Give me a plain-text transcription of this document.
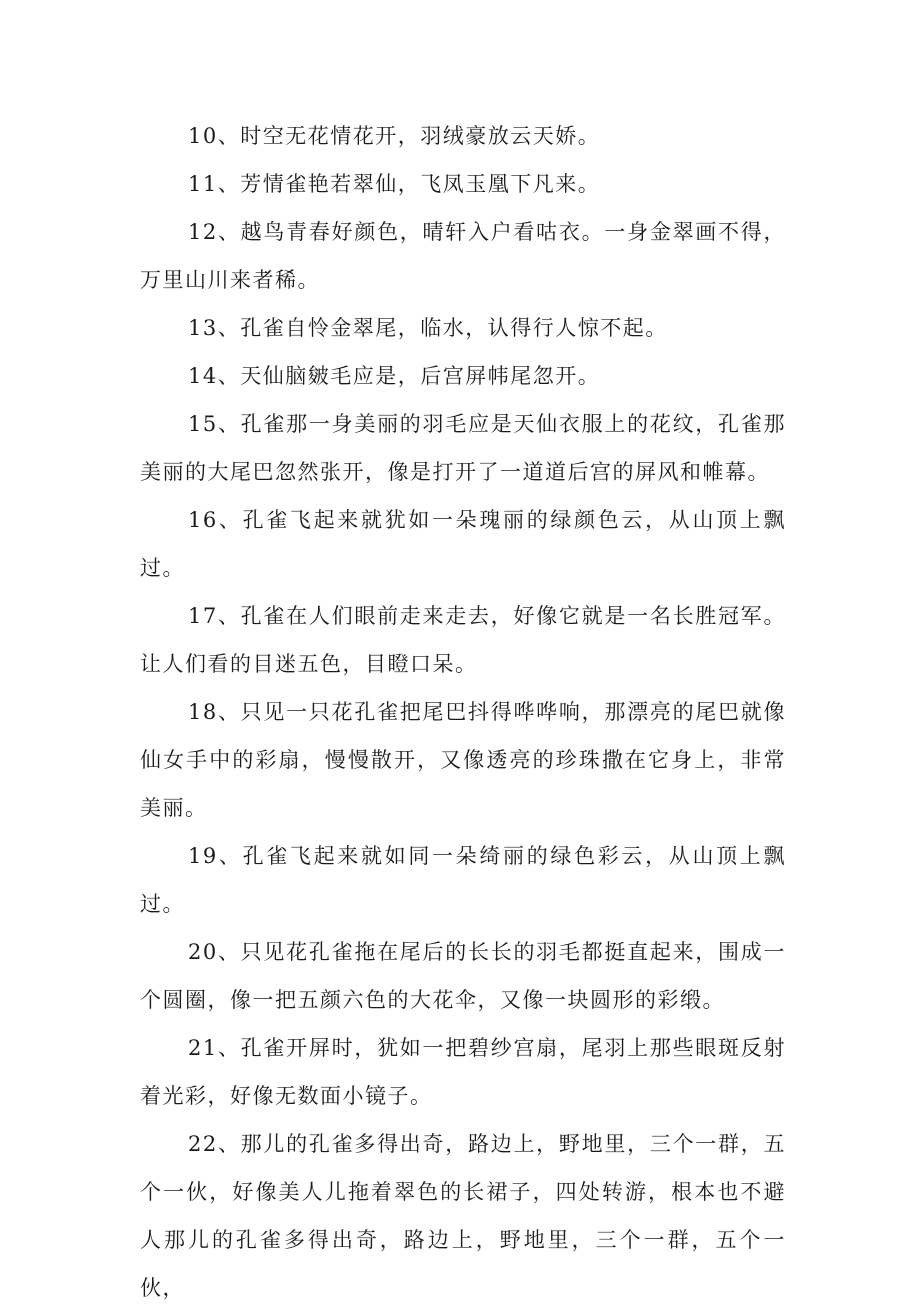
10、时空无花情花开，羽绒豪放云天娇。

11、芳情雀艳若翠仙，飞凤玉凰下凡来。

12、越鸟青春好颜色，晴轩入户看咕衣。一身金翠画不得，万里山川来者稀。

13、孔雀自怜金翠尾，临水，认得行人惊不起。

14、天仙脑皴毛应是，后宫屏帏尾忽开。

15、孔雀那一身美丽的羽毛应是天仙衣服上的花纹，孔雀那美丽的大尾巴忽然张开，像是打开了一道道后宫的屏风和帷幕。

16、孔雀飞起来就犹如一朵瑰丽的绿颜色云，从山顶上飘过。

17、孔雀在人们眼前走来走去，好像它就是一名长胜冠军。让人们看的目迷五色，目瞪口呆。

18、只见一只花孔雀把尾巴抖得哗哗响，那漂亮的尾巴就像仙女手中的彩扇，慢慢散开，又像透亮的珍珠撒在它身上，非常美丽。

19、孔雀飞起来就如同一朵绮丽的绿色彩云，从山顶上飘过。

20、只见花孔雀拖在尾后的长长的羽毛都挺直起来，围成一个圆圈，像一把五颜六色的大花伞，又像一块圆形的彩缎。

21、孔雀开屏时，犹如一把碧纱宫扇，尾羽上那些眼斑反射着光彩，好像无数面小镜子。

22、那儿的孔雀多得出奇，路边上，野地里，三个一群，五个一伙，好像美人儿拖着翠色的长裙子，四处转游，根本也不避人那儿的孔雀多得出奇，路边上，野地里，三个一群，五个一伙，
